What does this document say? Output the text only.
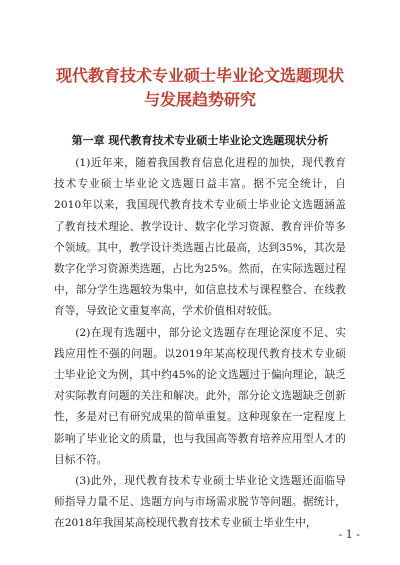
现代教育技术专业硕士毕业论文选题现状
与发展趋势研究
第一章 现代教育技术专业硕士毕业论文选题现状分析

(1)近年来，随着我国教育信息化进程的加快，现代教育技术专业硕士毕业论文选题日益丰富。据不完全统计，自2010年以来，我国现代教育技术专业硕士毕业论文选题涵盖了教育技术理论、教学设计、数字化学习资源、教育评价等多个领域。其中，教学设计类选题占比最高，达到35%，其次是数字化学习资源类选题，占比为25%。然而，在实际选题过程中，部分学生选题较为集中，如信息技术与课程整合、在线教育等，导致论文重复率高，学术价值相对较低。

(2)在现有选题中，部分论文选题存在理论深度不足、实践应用性不强的问题。以2019年某高校现代教育技术专业硕士毕业论文为例，其中约45%的论文选题过于偏向理论，缺乏对实际教育问题的关注和解决。此外，部分论文选题缺乏创新性，多是对已有研究成果的简单重复。这种现象在一定程度上影响了毕业论文的质量，也与我国高等教育培养应用型人才的目标不符。

(3)此外，现代教育技术专业硕士毕业论文选题还面临导师指导力量不足、选题方向与市场需求脱节等问题。据统计，在2018年我国某高校现代教育技术专业硕士毕业生中，

- 1 -
